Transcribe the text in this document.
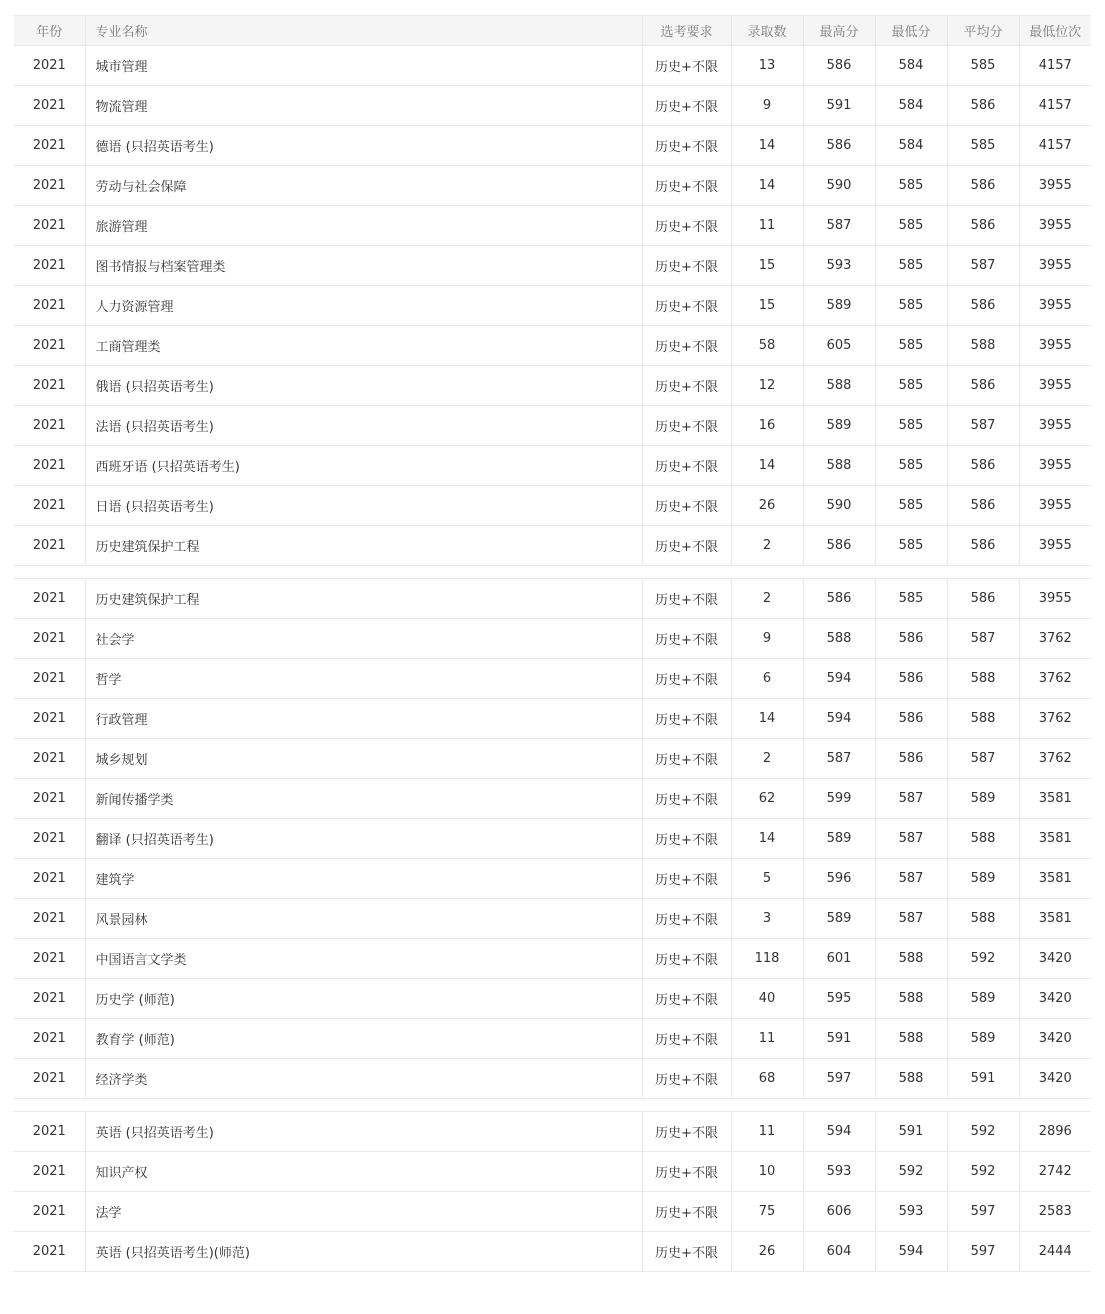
年份	专业名称	选考要求	录取数	最高分	最低分	平均分	最低位次
2021	城市管理	历史+不限	13	586	584	585	4157
2021	物流管理	历史+不限	9	591	584	586	4157
2021	德语 (只招英语考生)	历史+不限	14	586	584	585	4157
2021	劳动与社会保障	历史+不限	14	590	585	586	3955
2021	旅游管理	历史+不限	11	587	585	586	3955
2021	图书情报与档案管理类	历史+不限	15	593	585	587	3955
2021	人力资源管理	历史+不限	15	589	585	586	3955
2021	工商管理类	历史+不限	58	605	585	588	3955
2021	俄语 (只招英语考生)	历史+不限	12	588	585	586	3955
2021	法语 (只招英语考生)	历史+不限	16	589	585	587	3955
2021	西班牙语 (只招英语考生)	历史+不限	14	588	585	586	3955
2021	日语 (只招英语考生)	历史+不限	26	590	585	586	3955
2021	历史建筑保护工程	历史+不限	2	586	585	586	3955

2021	历史建筑保护工程	历史+不限	2	586	585	586	3955
2021	社会学	历史+不限	9	588	586	587	3762
2021	哲学	历史+不限	6	594	586	588	3762
2021	行政管理	历史+不限	14	594	586	588	3762
2021	城乡规划	历史+不限	2	587	586	587	3762
2021	新闻传播学类	历史+不限	62	599	587	589	3581
2021	翻译 (只招英语考生)	历史+不限	14	589	587	588	3581
2021	建筑学	历史+不限	5	596	587	589	3581
2021	风景园林	历史+不限	3	589	587	588	3581
2021	中国语言文学类	历史+不限	118	601	588	592	3420
2021	历史学 (师范)	历史+不限	40	595	588	589	3420
2021	教育学 (师范)	历史+不限	11	591	588	589	3420
2021	经济学类	历史+不限	68	597	588	591	3420

2021	英语 (只招英语考生)	历史+不限	11	594	591	592	2896
2021	知识产权	历史+不限	10	593	592	592	2742
2021	法学	历史+不限	75	606	593	597	2583
2021	英语 (只招英语考生)(师范)	历史+不限	26	604	594	597	2444
